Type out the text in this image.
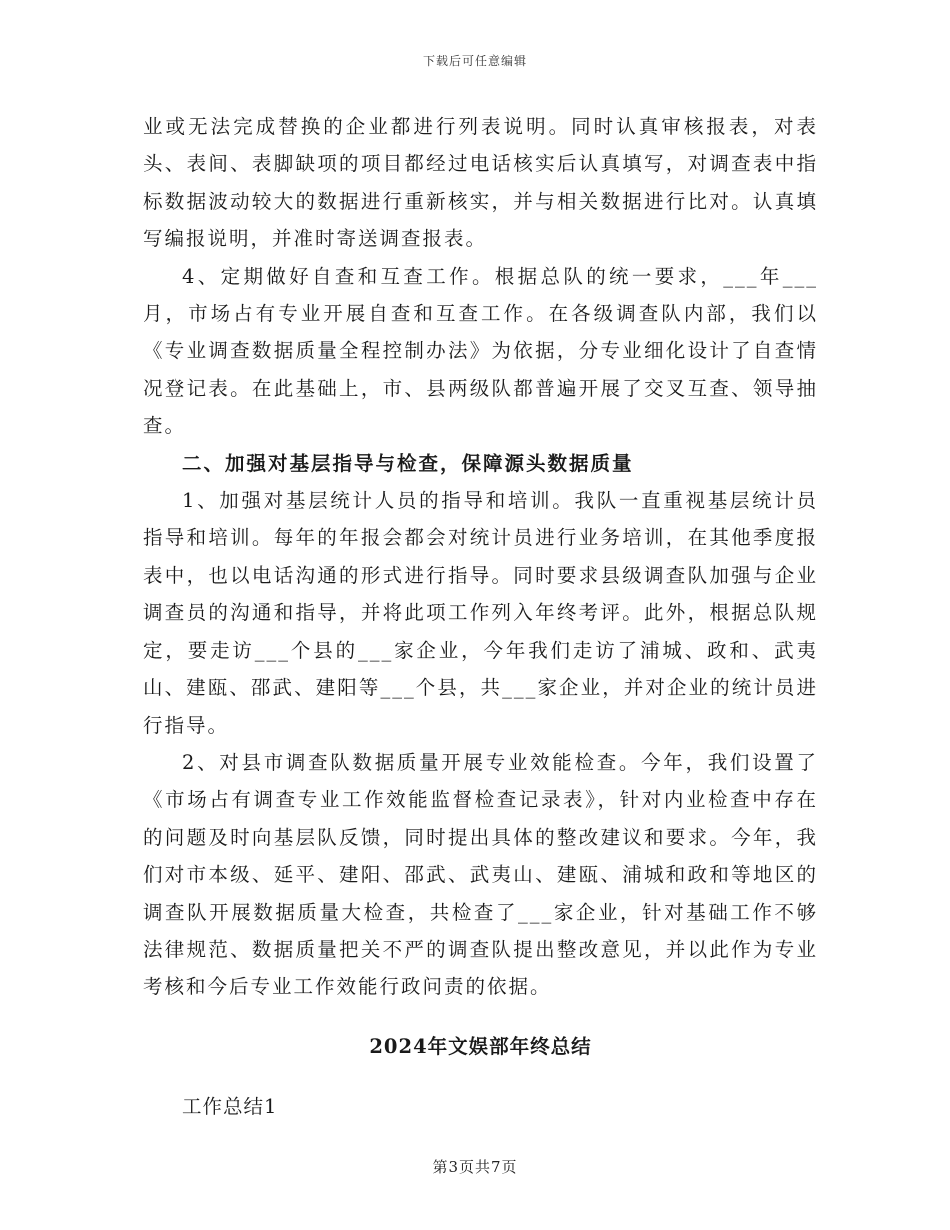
下载后可任意编辑

业或无法完成替换的企业都进行列表说明。同时认真审核报表，对表头、表间、表脚缺项的项目都经过电话核实后认真填写，对调查表中指标数据波动较大的数据进行重新核实，并与相关数据进行比对。认真填写编报说明，并准时寄送调查报表。

4、定期做好自查和互查工作。根据总队的统一要求，___年___月，市场占有专业开展自查和互查工作。在各级调查队内部，我们以《专业调查数据质量全程控制办法》为依据，分专业细化设计了自查情况登记表。在此基础上，市、县两级队都普遍开展了交叉互查、领导抽查。

二、加强对基层指导与检查，保障源头数据质量

1、加强对基层统计人员的指导和培训。我队一直重视基层统计员指导和培训。每年的年报会都会对统计员进行业务培训，在其他季度报表中，也以电话沟通的形式进行指导。同时要求县级调查队加强与企业调查员的沟通和指导，并将此项工作列入年终考评。此外，根据总队规定，要走访___个县的___家企业，今年我们走访了浦城、政和、武夷山、建瓯、邵武、建阳等___个县，共___家企业，并对企业的统计员进行指导。

2、对县市调查队数据质量开展专业效能检查。今年，我们设置了《市场占有调查专业工作效能监督检查记录表》，针对内业检查中存在的问题及时向基层队反馈，同时提出具体的整改建议和要求。今年，我们对市本级、延平、建阳、邵武、武夷山、建瓯、浦城和政和等地区的调查队开展数据质量大检查，共检查了___家企业，针对基础工作不够法律规范、数据质量把关不严的调查队提出整改意见，并以此作为专业考核和今后专业工作效能行政问责的依据。

2024年文娱部年终总结

工作总结1

第3页共7页
